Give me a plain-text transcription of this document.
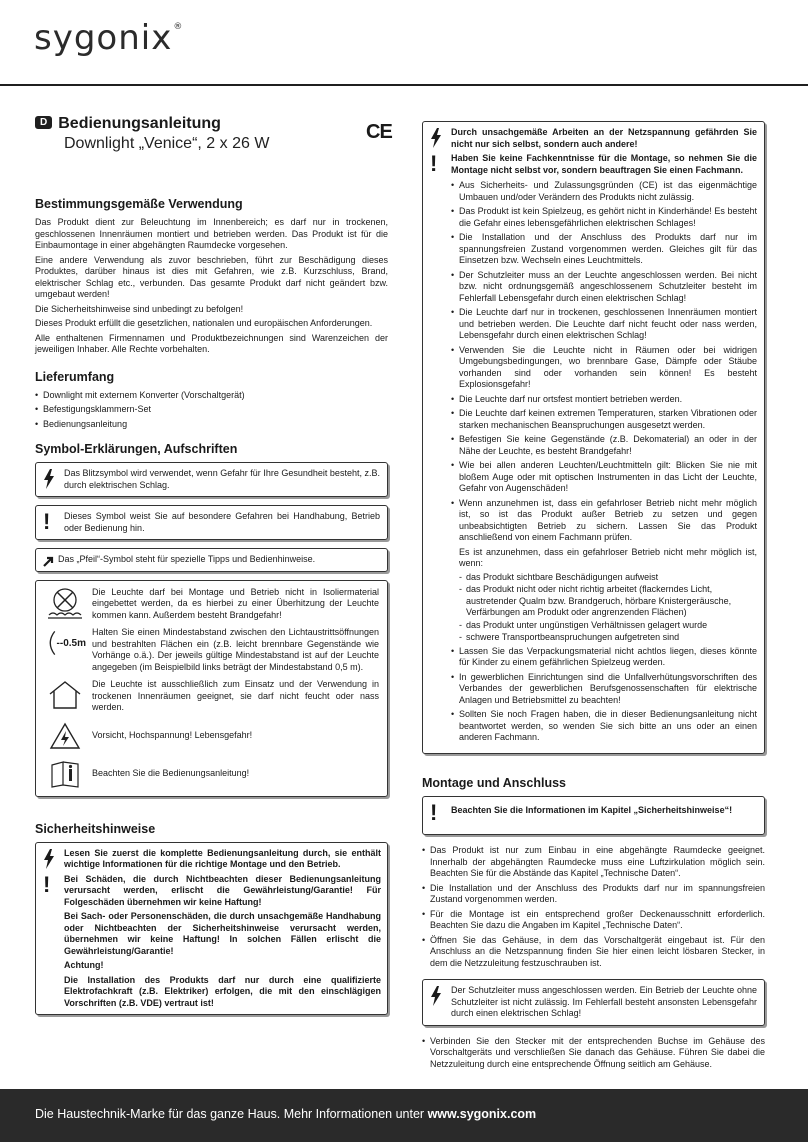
sygonix®
D Bedienungsanleitung
Downlight „Venice“, 2 x 26 W
CE
Bestimmungsgemäße Verwendung

Das Produkt dient zur Beleuchtung im Innenbereich; es darf nur in trockenen, geschlossenen Innenräumen montiert und betrieben werden. Das Produkt ist für die Einbaumontage in einer abgehängten Raumdecke vorgesehen.

Eine andere Verwendung als zuvor beschrieben, führt zur Beschädigung dieses Produktes, darüber hinaus ist dies mit Gefahren, wie z.B. Kurzschluss, Brand, elektrischer Schlag etc., verbunden. Das gesamte Produkt darf nicht geändert bzw. umgebaut werden!

Die Sicherheitshinweise sind unbedingt zu befolgen!

Dieses Produkt erfüllt die gesetzlichen, nationalen und europäischen Anforderungen.

Alle enthaltenen Firmennamen und Produktbezeichnungen sind Warenzeichen der jeweiligen Inhaber. Alle Rechte vorbehalten.

Lieferumfang
• Downlight mit externem Konverter (Vorschaltgerät)
• Befestigungsklammern-Set
• Bedienungsanleitung
Symbol-Erklärungen, Aufschriften

Das Blitzsymbol wird verwendet, wenn Gefahr für Ihre Gesundheit besteht, z.B. durch elektrischen Schlag.

! Dieses Symbol weist Sie auf besondere Gefahren bei Handhabung, Betrieb oder Bedienung hin.

Das „Pfeil“-Symbol steht für spezielle Tipps und Bedienhinweise.

Die Leuchte darf bei Montage und Betrieb nicht in Isoliermaterial eingebettet werden, da es hierbei zu einer Überhitzung der Leuchte kommen kann. Außerdem besteht Brandgefahr!
--0.5m
Halten Sie einen Mindestabstand zwischen den Lichtaustrittsöffnungen und bestrahlten Flächen ein (z.B. leicht brennbare Gegenstände wie Vorhänge o.ä.). Der jeweils gültige Mindestabstand ist auf der Leuchte angegeben (im Beispielbild links beträgt der Mindestabstand 0,5 m).
Die Leuchte ist ausschließlich zum Einsatz und der Verwendung in trockenen Innenräumen geeignet, sie darf nicht feucht oder nass werden.
Vorsicht, Hochspannung! Lebensgefahr!
Beachten Sie die Bedienungsanleitung!
Sicherheitshinweise
!

Lesen Sie zuerst die komplette Bedienungsanleitung durch, sie enthält wichtige Informationen für die richtige Montage und den Betrieb.

Bei Schäden, die durch Nichtbeachten dieser Bedienungsanleitung verursacht werden, erlischt die Gewährleistung/Garantie! Für Folgeschäden übernehmen wir keine Haftung!

Bei Sach- oder Personenschäden, die durch unsachgemäße Handhabung oder Nichtbeachten der Sicherheitshinweise verursacht werden, übernehmen wir keine Haftung! In solchen Fällen erlischt die Gewährleistung/Garantie!

Achtung!

Die Installation des Produkts darf nur durch eine qualifizierte Elektrofachkraft (z.B. Elektriker) erfolgen, die mit den einschlägigen Vorschriften (z.B. VDE) vertraut ist!

!

Durch unsachgemäße Arbeiten an der Netzspannung gefährden Sie nicht nur sich selbst, sondern auch andere!

Haben Sie keine Fachkenntnisse für die Montage, so nehmen Sie die Montage nicht selbst vor, sondern beauftragen Sie einen Fachmann.

• Aus Sicherheits- und Zulassungsgründen (CE) ist das eigenmächtige Umbauen und/oder Verändern des Produkts nicht zulässig.
• Das Produkt ist kein Spielzeug, es gehört nicht in Kinderhände! Es besteht die Gefahr eines lebensgefährlichen elektrischen Schlages!
• Die Installation und der Anschluss des Produkts darf nur im spannungsfreien Zustand vorgenommen werden. Gleiches gilt für das Einsetzen bzw. Wechseln eines Leuchtmittels.
• Der Schutzleiter muss an der Leuchte angeschlossen werden. Bei nicht bzw. nicht ordnungsgemäß angeschlossenem Schutzleiter besteht im Fehlerfall Lebensgefahr durch einen elektrischen Schlag!
• Die Leuchte darf nur in trockenen, geschlossenen Innenräumen montiert und betrieben werden. Die Leuchte darf nicht feucht oder nass werden, Lebensgefahr durch einen elektrischen Schlag!
• Verwenden Sie die Leuchte nicht in Räumen oder bei widrigen Umgebungsbedingungen, wo brennbare Gase, Dämpfe oder Stäube vorhanden sind oder vorhanden sein können! Es besteht Explosionsgefahr!
• Die Leuchte darf nur ortsfest montiert betrieben werden.
• Die Leuchte darf keinen extremen Temperaturen, starken Vibrationen oder starken mechanischen Beanspruchungen ausgesetzt werden.
• Befestigen Sie keine Gegenstände (z.B. Dekomaterial) an oder in der Nähe der Leuchte, es besteht Brandgefahr!
• Wie bei allen anderen Leuchten/Leuchtmitteln gilt: Blicken Sie nie mit bloßem Auge oder mit optischen Instrumenten in das Licht der Leuchte, Gefahr von Augenschäden!
• Wenn anzunehmen ist, dass ein gefahrloser Betrieb nicht mehr möglich ist, so ist das Produkt außer Betrieb zu setzen und gegen unbeabsichtigten Betrieb zu sichern. Lassen Sie das Produkt anschließend von einem Fachmann prüfen.

Es ist anzunehmen, dass ein gefahrloser Betrieb nicht mehr möglich ist, wenn:

- das Produkt sichtbare Beschädigungen aufweist
- das Produkt nicht oder nicht richtig arbeitet (flackerndes Licht, austretender Qualm bzw. Brandgeruch, hörbare Knistergeräusche, Verfärbungen am Produkt oder angrenzenden Flächen)
- das Produkt unter ungünstigen Verhältnissen gelagert wurde
- schwere Transportbeanspruchungen aufgetreten sind
• Lassen Sie das Verpackungsmaterial nicht achtlos liegen, dieses könnte für Kinder zu einem gefährlichen Spielzeug werden.
• In gewerblichen Einrichtungen sind die Unfallverhütungsvorschriften des Verbandes der gewerblichen Berufsgenossenschaften für elektrische Anlagen und Betriebsmittel zu beachten!
• Sollten Sie noch Fragen haben, die in dieser Bedienungsanleitung nicht beantwortet werden, so wenden Sie sich bitte an uns oder an einen anderen Fachmann.
Montage und Anschluss
! Beachten Sie die Informationen im Kapitel „Sicherheitshinweise“!

• Das Produkt ist nur zum Einbau in eine abgehängte Raumdecke geeignet. Innerhalb der abgehängten Raumdecke muss eine Luftzirkulation möglich sein. Beachten Sie für die Abstände das Kapitel „Technische Daten“.
• Die Installation und der Anschluss des Produkts darf nur im spannungsfreien Zustand vorgenommen werden.
• Für die Montage ist ein entsprechend großer Deckenausschnitt erforderlich. Beachten Sie dazu die Angaben im Kapitel „Technische Daten“.
• Öffnen Sie das Gehäuse, in dem das Vorschaltgerät eingebaut ist. Für den Anschluss an die Netzspannung finden Sie hier einen leicht lösbaren Stecker, in dem die Netzzuleitung festzuschrauben ist.

Der Schutzleiter muss angeschlossen werden. Ein Betrieb der Leuchte ohne Schutzleiter ist nicht zulässig. Im Fehlerfall besteht ansonsten Lebensgefahr durch einen elektrischen Schlag!

• Verbinden Sie den Stecker mit der entsprechenden Buchse im Gehäuse des Vorschaltgeräts und verschließen Sie danach das Gehäuse. Führen Sie dabei die Netzzuleitung durch eine entsprechende Öffnung seitlich am Gehäuse.
Die Haustechnik-Marke für das ganze Haus. Mehr Informationen unter www.sygonix.com
